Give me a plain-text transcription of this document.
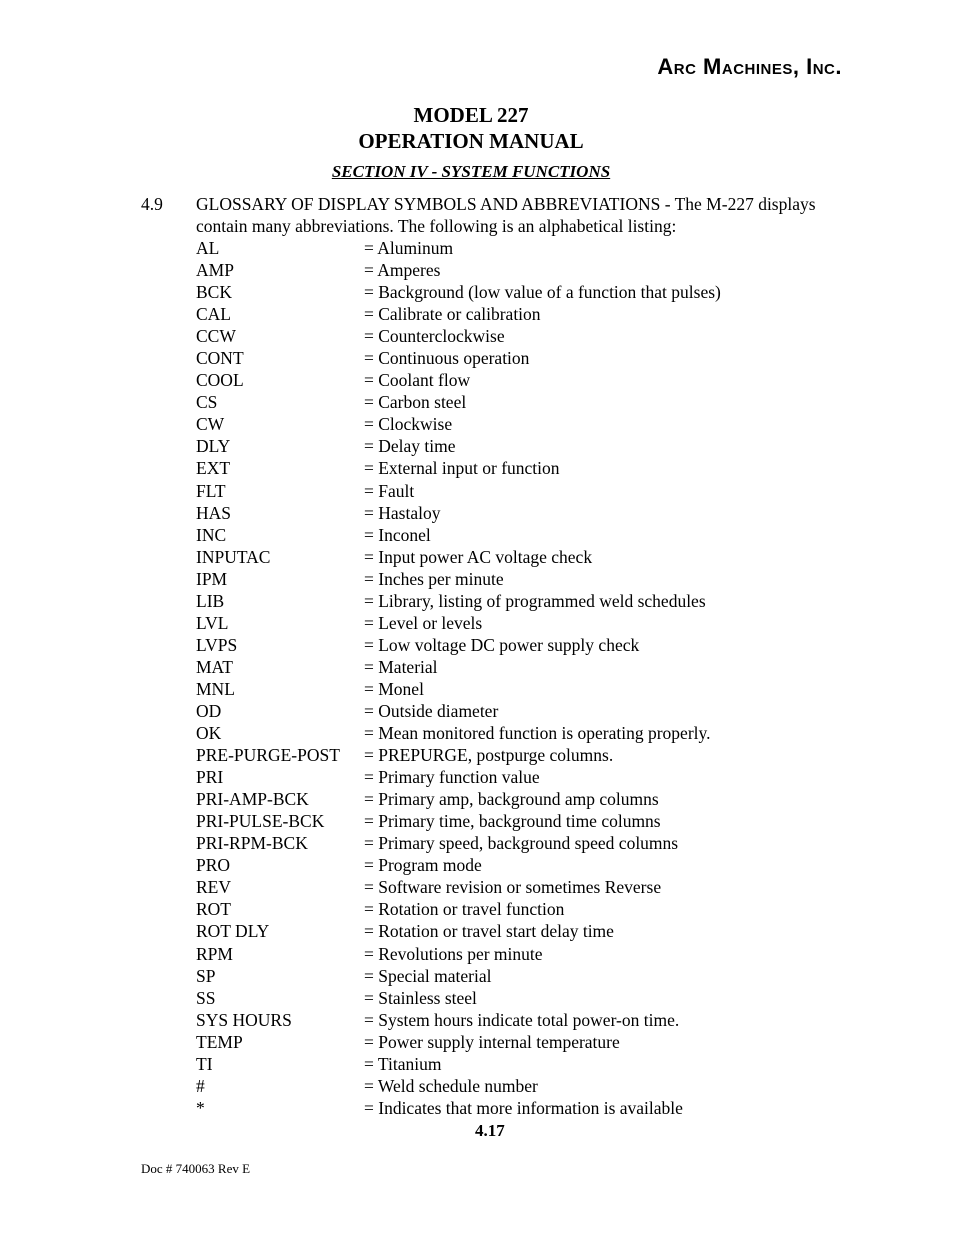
Arc Machines, Inc.
MODEL 227
OPERATION MANUAL
SECTION IV - SYSTEM FUNCTIONS
4.9 GLOSSARY OF DISPLAY SYMBOLS AND ABBREVIATIONS - The M-227 displays contain many abbreviations. The following is an alphabetical listing:
AL	= Aluminum
AMP	= Amperes
BCK	= Background (low value of a function that pulses)
CAL	= Calibrate or calibration
CCW	= Counterclockwise
CONT	= Continuous operation
COOL	= Coolant flow
CS	= Carbon steel
CW	= Clockwise
DLY	= Delay time
EXT	= External input or function
FLT	= Fault
HAS	= Hastaloy
INC	= Inconel
INPUTAC	= Input power AC voltage check
IPM	= Inches per minute
LIB	= Library, listing of programmed weld schedules
LVL	= Level or levels
LVPS	= Low voltage DC power supply check
MAT	= Material
MNL	= Monel
OD	= Outside diameter
OK	= Mean monitored function is operating properly.
PRE-PURGE-POST = PREPURGE, postpurge columns.
PRI	= Primary function value
PRI-AMP-BCK	= Primary amp, background amp columns
PRI-PULSE-BCK = Primary time, background time columns
PRI-RPM-BCK	= Primary speed, background speed columns
PRO	= Program mode
REV	= Software revision or sometimes Reverse
ROT	= Rotation or travel function
ROT DLY	= Rotation or travel start delay time
RPM	= Revolutions per minute
SP	= Special material
SS	= Stainless steel
SYS HOURS	= System hours indicate total power-on time.
TEMP	= Power supply internal temperature
TI	= Titanium
#	= Weld schedule number
*	= Indicates that more information is available
4.17
Doc # 740063 Rev E
